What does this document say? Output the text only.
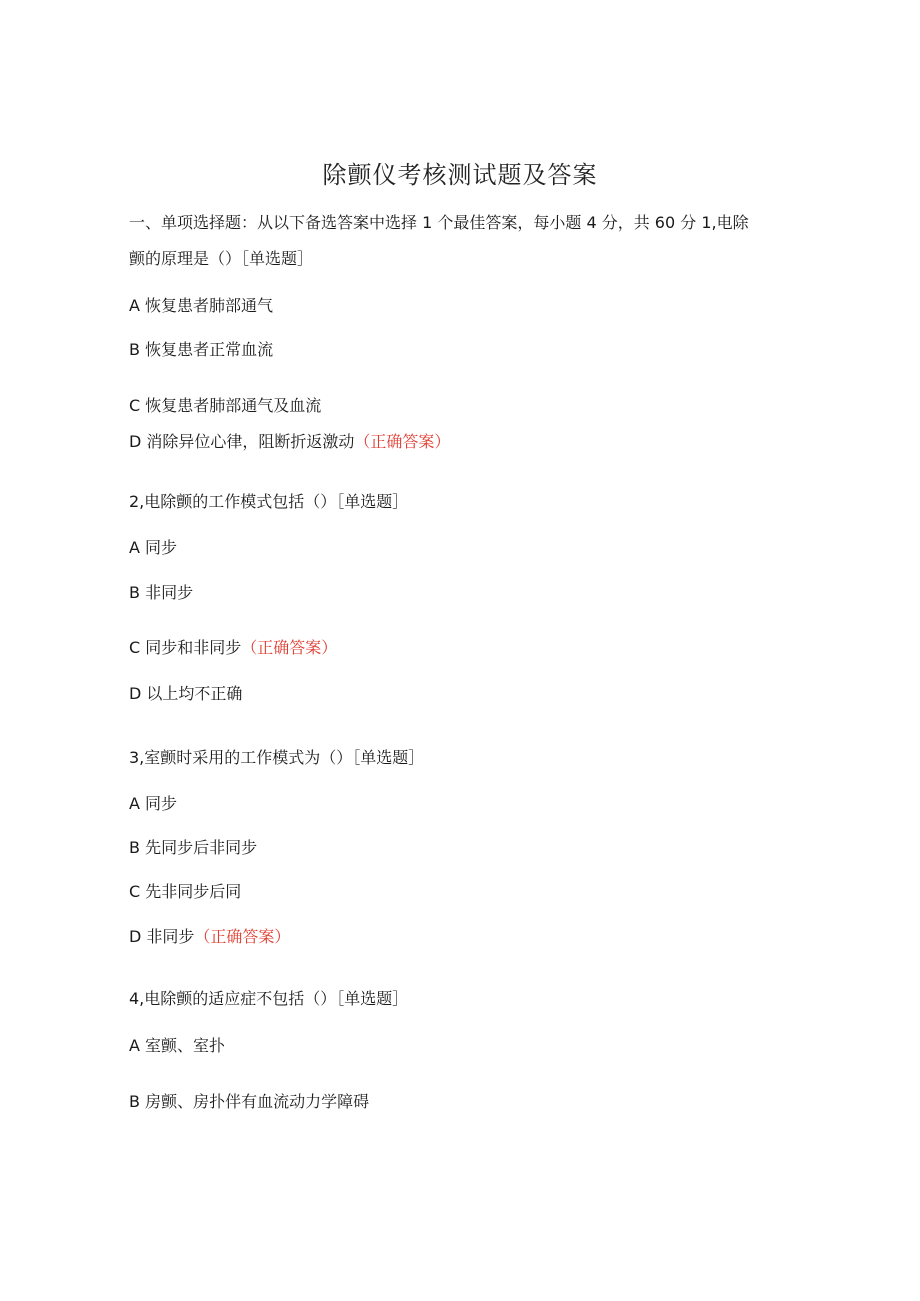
除颤仪考核测试题及答案
一、单项选择题：从以下备选答案中选择 1 个最佳答案，每小题 4 分，共 60 分 1,电除
颤的原理是（）［单选题］
A 恢复患者肺部通气
B 恢复患者正常血流
C 恢复患者肺部通气及血流
D 消除异位心律，阻断折返激动（正确答案）
2,电除颤的工作模式包括（）［单选题］
A 同步
B 非同步
C 同步和非同步（正确答案）
D 以上均不正确
3,室颤时采用的工作模式为（）［单选题］
A 同步
B 先同步后非同步
C 先非同步后同
D 非同步（正确答案）
4,电除颤的适应症不包括（）［单选题］
A 室颤、室扑
B 房颤、房扑伴有血流动力学障碍
